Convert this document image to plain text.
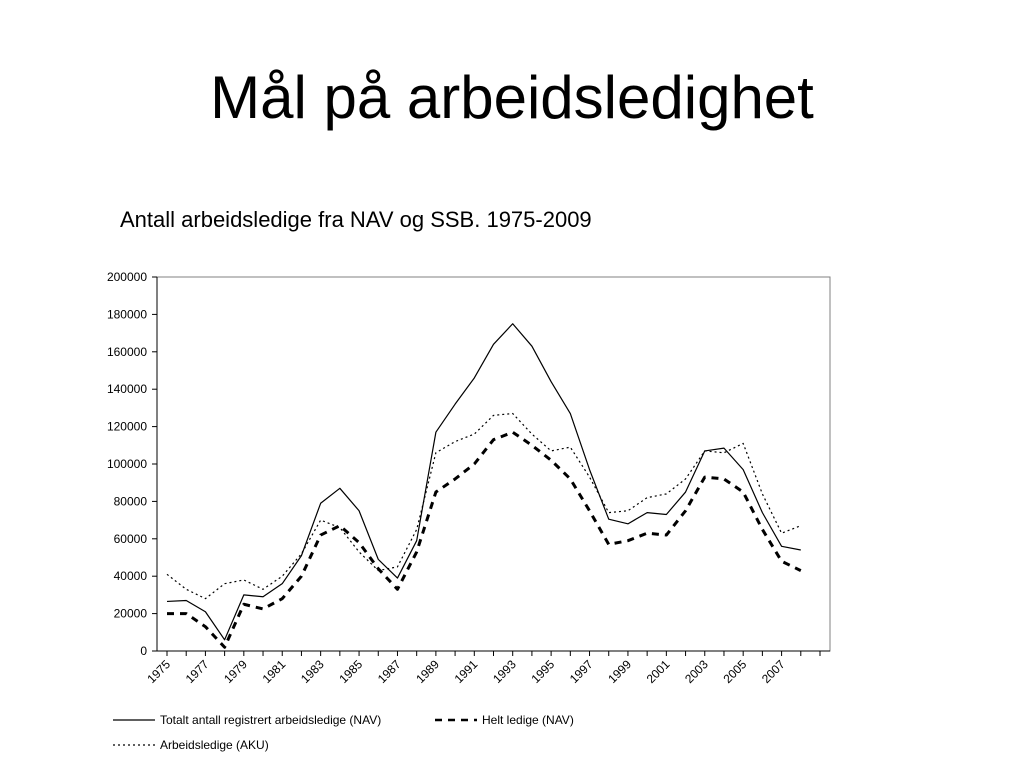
Mål på arbeidsledighet
Antall arbeidsledige fra NAV og SSB. 1975-2009
0
20000
40000
60000
80000
100000
120000
140000
160000
180000
200000
1975 1977 1979 1981 1983 1985 1987 1989 1991 1993 1995 1997 1999 2001 2003 2005 2007
Totalt antall registrert arbeidsledige (NAV)	Helt ledige (NAV)
Arbeidsledige (AKU)
